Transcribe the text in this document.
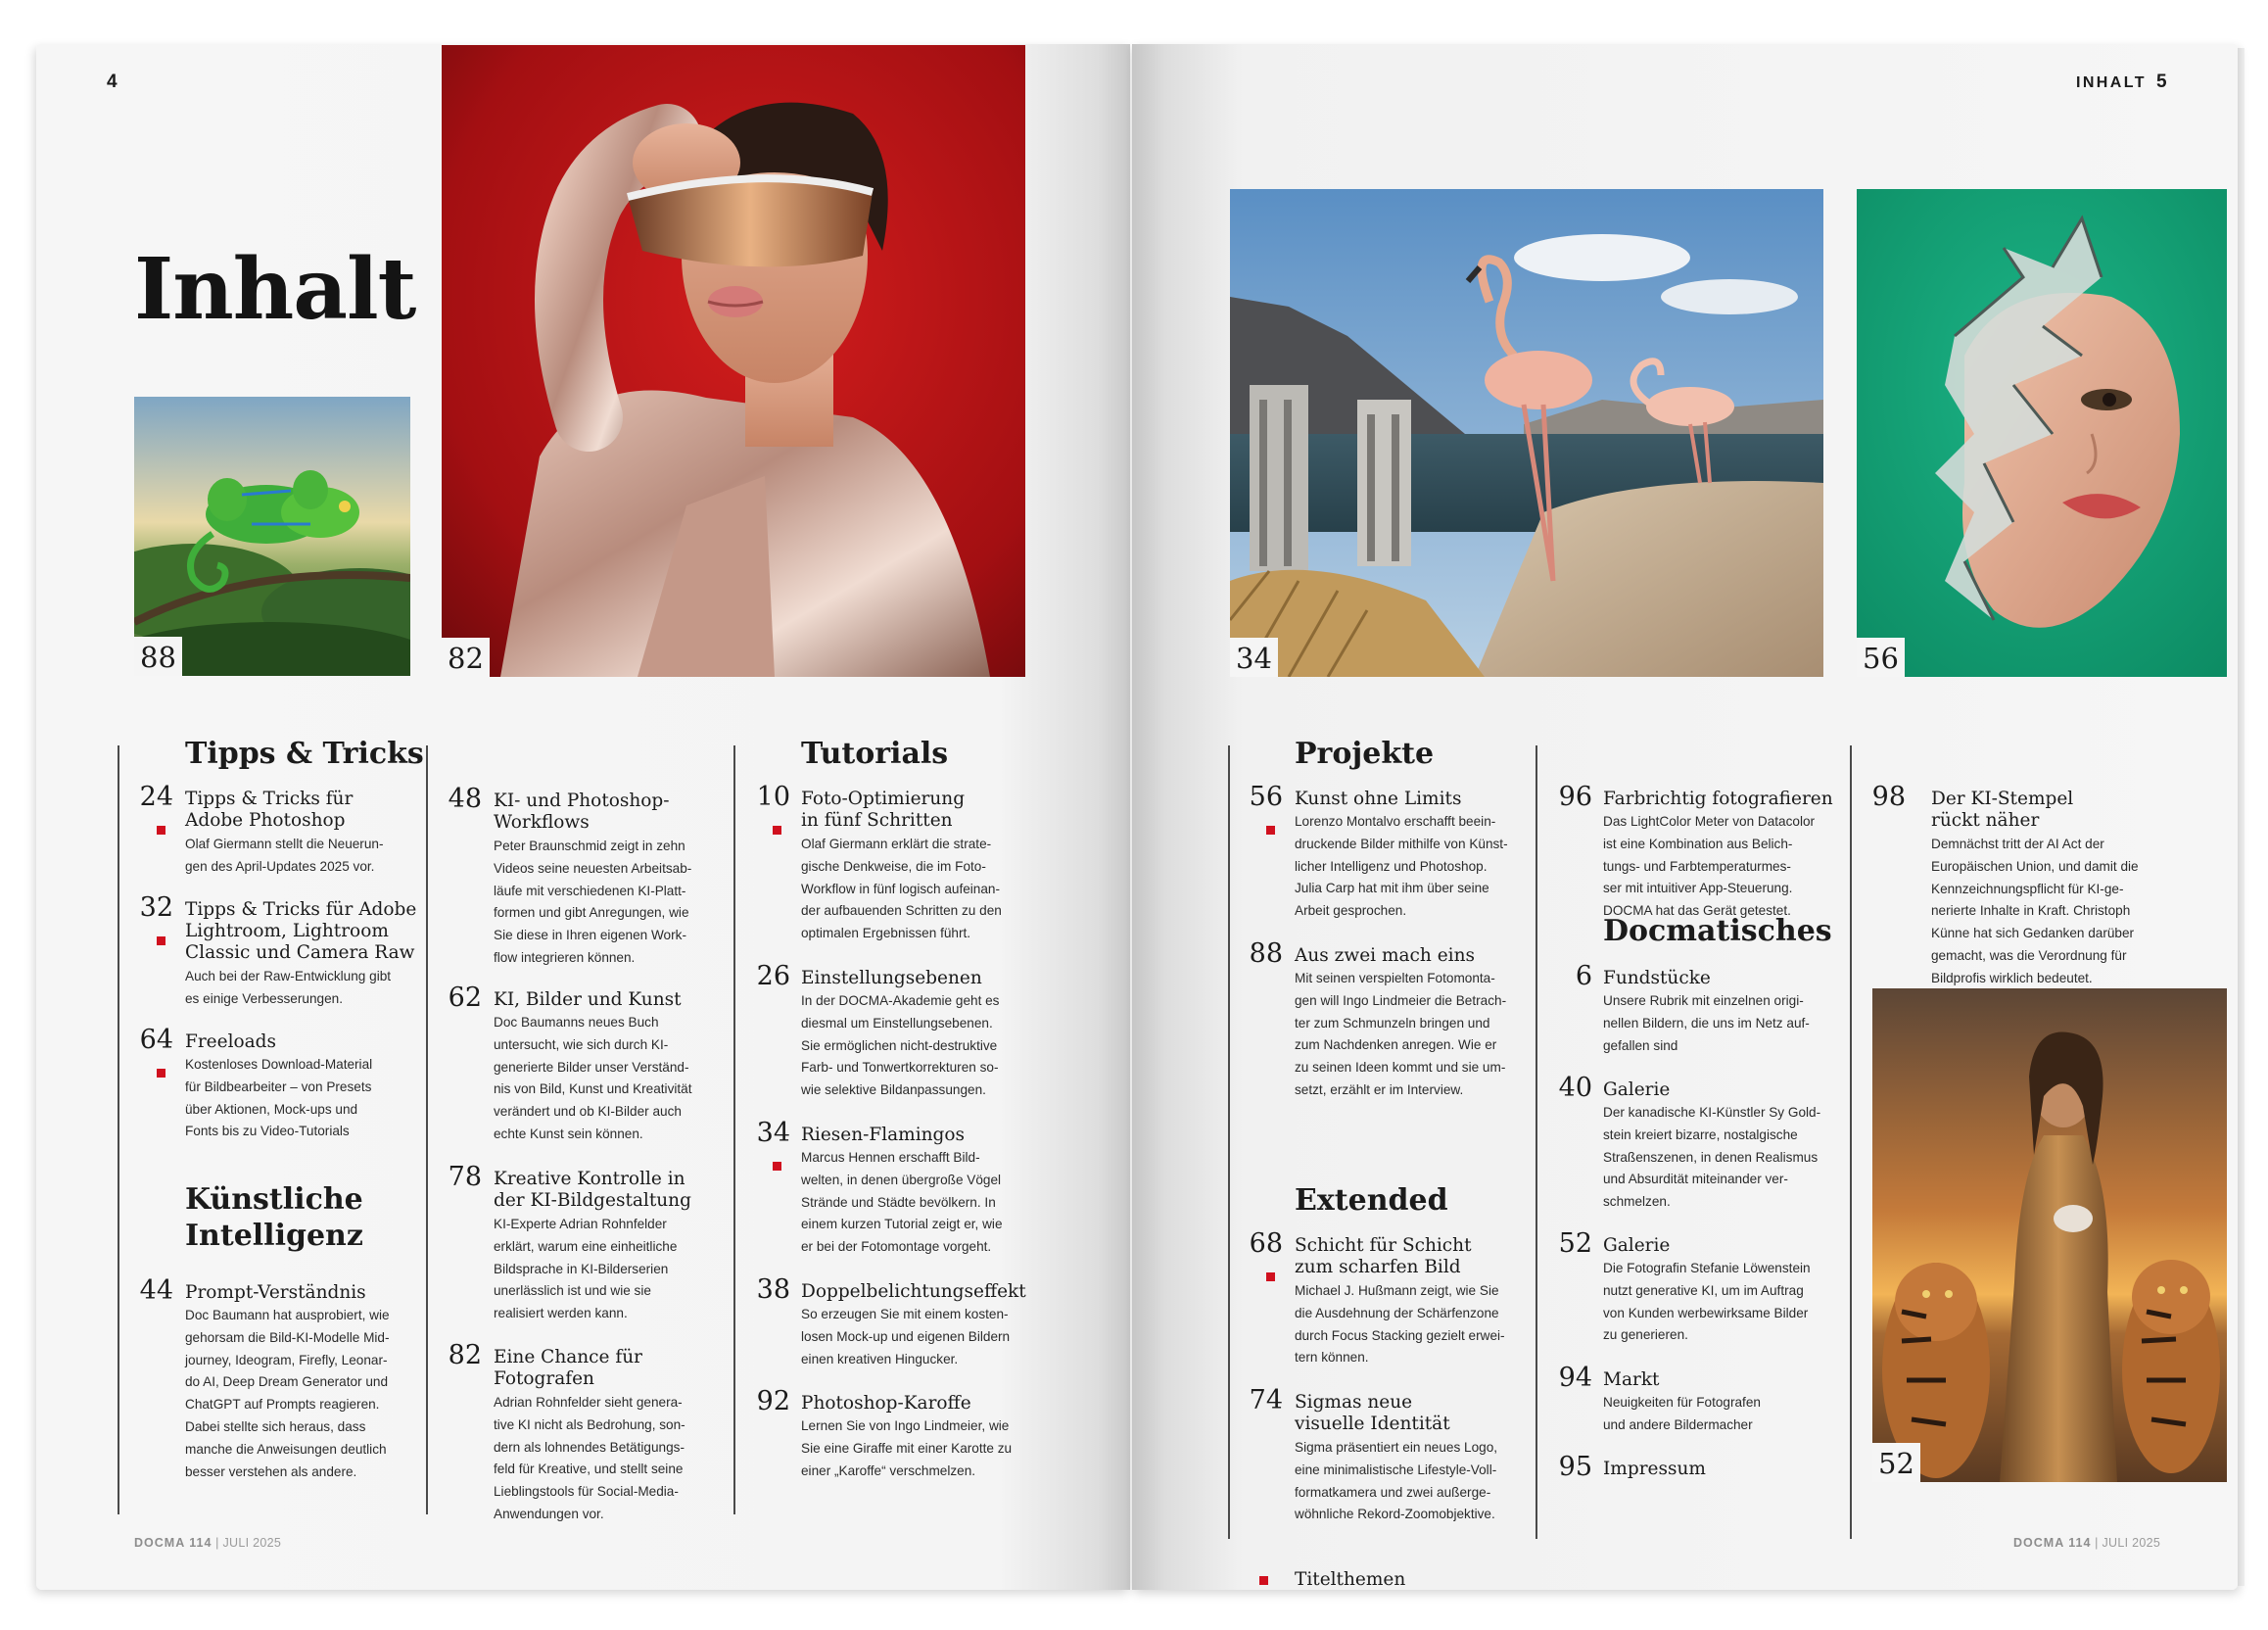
4
Inhalt
88	82
Tipps & Tricks
24 Tipps & Tricks für
Adobe Photoshop
Olaf Giermann stellt die Neuerun-
gen des April-Updates 2025 vor.
32 Tipps & Tricks für Adobe
Lightroom, Lightroom
Classic und Camera Raw
Auch bei der Raw-Entwicklung gibt
es einige Verbesserungen.
64 Freeloads
Kostenloses Download-Material
für Bildbearbeiter – von Presets
über Aktionen, Mock-ups und
Fonts bis zu Video-Tutorials
Künstliche
Intelligenz
44 Prompt-Verständnis
Doc Baumann hat ausprobiert, wie
gehorsam die Bild-KI-Modelle Mid-
journey, Ideogram, Firefly, Leonar-
do AI, Deep Dream Generator und
ChatGPT auf Prompts reagieren.
Dabei stellte sich heraus, dass
manche die Anweisungen deutlich
besser verstehen als andere.
48 KI- und Photoshop-
Workflows
Peter Braunschmid zeigt in zehn
Videos seine neuesten Arbeitsab-
läufe mit verschiedenen KI-Platt-
formen und gibt Anregungen, wie
Sie diese in Ihren eigenen Work-
flow integrieren können.
62 KI, Bilder und Kunst
Doc Baumanns neues Buch
untersucht, wie sich durch KI-
generierte Bilder unser Verständ-
nis von Bild, Kunst und Kreativität
verändert und ob KI-Bilder auch
echte Kunst sein können.
78 Kreative Kontrolle in
der KI-Bildgestaltung
KI-Experte Adrian Rohnfelder
erklärt, warum eine einheitliche
Bildsprache in KI-Bilderserien
unerlässlich ist und wie sie
realisiert werden kann.
82 Eine Chance für
Fotografen
Adrian Rohnfelder sieht genera-
tive KI nicht als Bedrohung, son-
dern als lohnendes Betätigungs-
feld für Kreative, und stellt seine
Lieblingstools für Social-Media-
Anwendungen vor.
Tutorials
10 Foto-Optimierung
in fünf Schritten
Olaf Giermann erklärt die strate-
gische Denkweise, die im Foto-
Workflow in fünf logisch aufeinan-
der aufbauenden Schritten zu den
optimalen Ergebnissen führt.
26 Einstellungsebenen
In der DOCMA-Akademie geht es
diesmal um Einstellungsebenen.
Sie ermöglichen nicht-destruktive
Farb- und Tonwertkorrekturen so-
wie selektive Bildanpassungen.
34 Riesen-Flamingos
Marcus Hennen erschafft Bild-
welten, in denen übergroße Vögel
Strände und Städte bevölkern. In
einem kurzen Tutorial zeigt er, wie
er bei der Fotomontage vorgeht.
38 Doppelbelichtungseffekt
So erzeugen Sie mit einem kosten-
losen Mock-up und eigenen Bildern
einen kreativen Hingucker.
92 Photoshop-Karoffe
Lernen Sie von Ingo Lindmeier, wie
Sie eine Giraffe mit einer Karotte zu
einer „Karoffe“ verschmelzen.
DOCMA 114 | JULI 2025
INHALT 5
34	56
52
Projekte
56 Kunst ohne Limits
Lorenzo Montalvo erschafft beein-
druckende Bilder mithilfe von Künst-
licher Intelligenz und Photoshop.
Julia Carp hat mit ihm über seine
Arbeit gesprochen.
88 Aus zwei mach eins
Mit seinen verspielten Fotomonta-
gen will Ingo Lindmeier die Betrach-
ter zum Schmunzeln bringen und
zum Nachdenken anregen. Wie er
zu seinen Ideen kommt und sie um-
setzt, erzählt er im Interview.
Extended
68 Schicht für Schicht
zum scharfen Bild
Michael J. Hußmann zeigt, wie Sie
die Ausdehnung der Schärfenzone
durch Focus Stacking gezielt erwei-
tern können.
74 Sigmas neue
visuelle Identität
Sigma präsentiert ein neues Logo,
eine minimalistische Lifestyle-Voll-
formatkamera und zwei außerge-
wöhnliche Rekord-Zoomobjektive.
Titelthemen
96 Farbrichtig fotografieren
Das LightColor Meter von Datacolor
ist eine Kombination aus Belich-
tungs- und Farbtemperaturmes-
ser mit intuitiver App-Steuerung.
DOCMA hat das Gerät getestet.
Docmatisches
6 Fundstücke
Unsere Rubrik mit einzelnen origi-
nellen Bildern, die uns im Netz auf-
gefallen sind
40 Galerie
Der kanadische KI-Künstler Sy Gold-
stein kreiert bizarre, nostalgische
Straßenszenen, in denen Realismus
und Absurdität miteinander ver-
schmelzen.
52 Galerie
Die Fotografin Stefanie Löwenstein
nutzt generative KI, um im Auftrag
von Kunden werbewirksame Bilder
zu generieren.
94 Markt
Neuigkeiten für Fotografen
und andere Bildermacher
95 Impressum
98 Der KI-Stempel
rückt näher
Demnächst tritt der AI Act der
Europäischen Union, und damit die
Kennzeichnungspflicht für KI-ge-
nerierte Inhalte in Kraft. Christoph
Künne hat sich Gedanken darüber
gemacht, was die Verordnung für
Bildprofis wirklich bedeutet.
DOCMA 114 | JULI 2025
